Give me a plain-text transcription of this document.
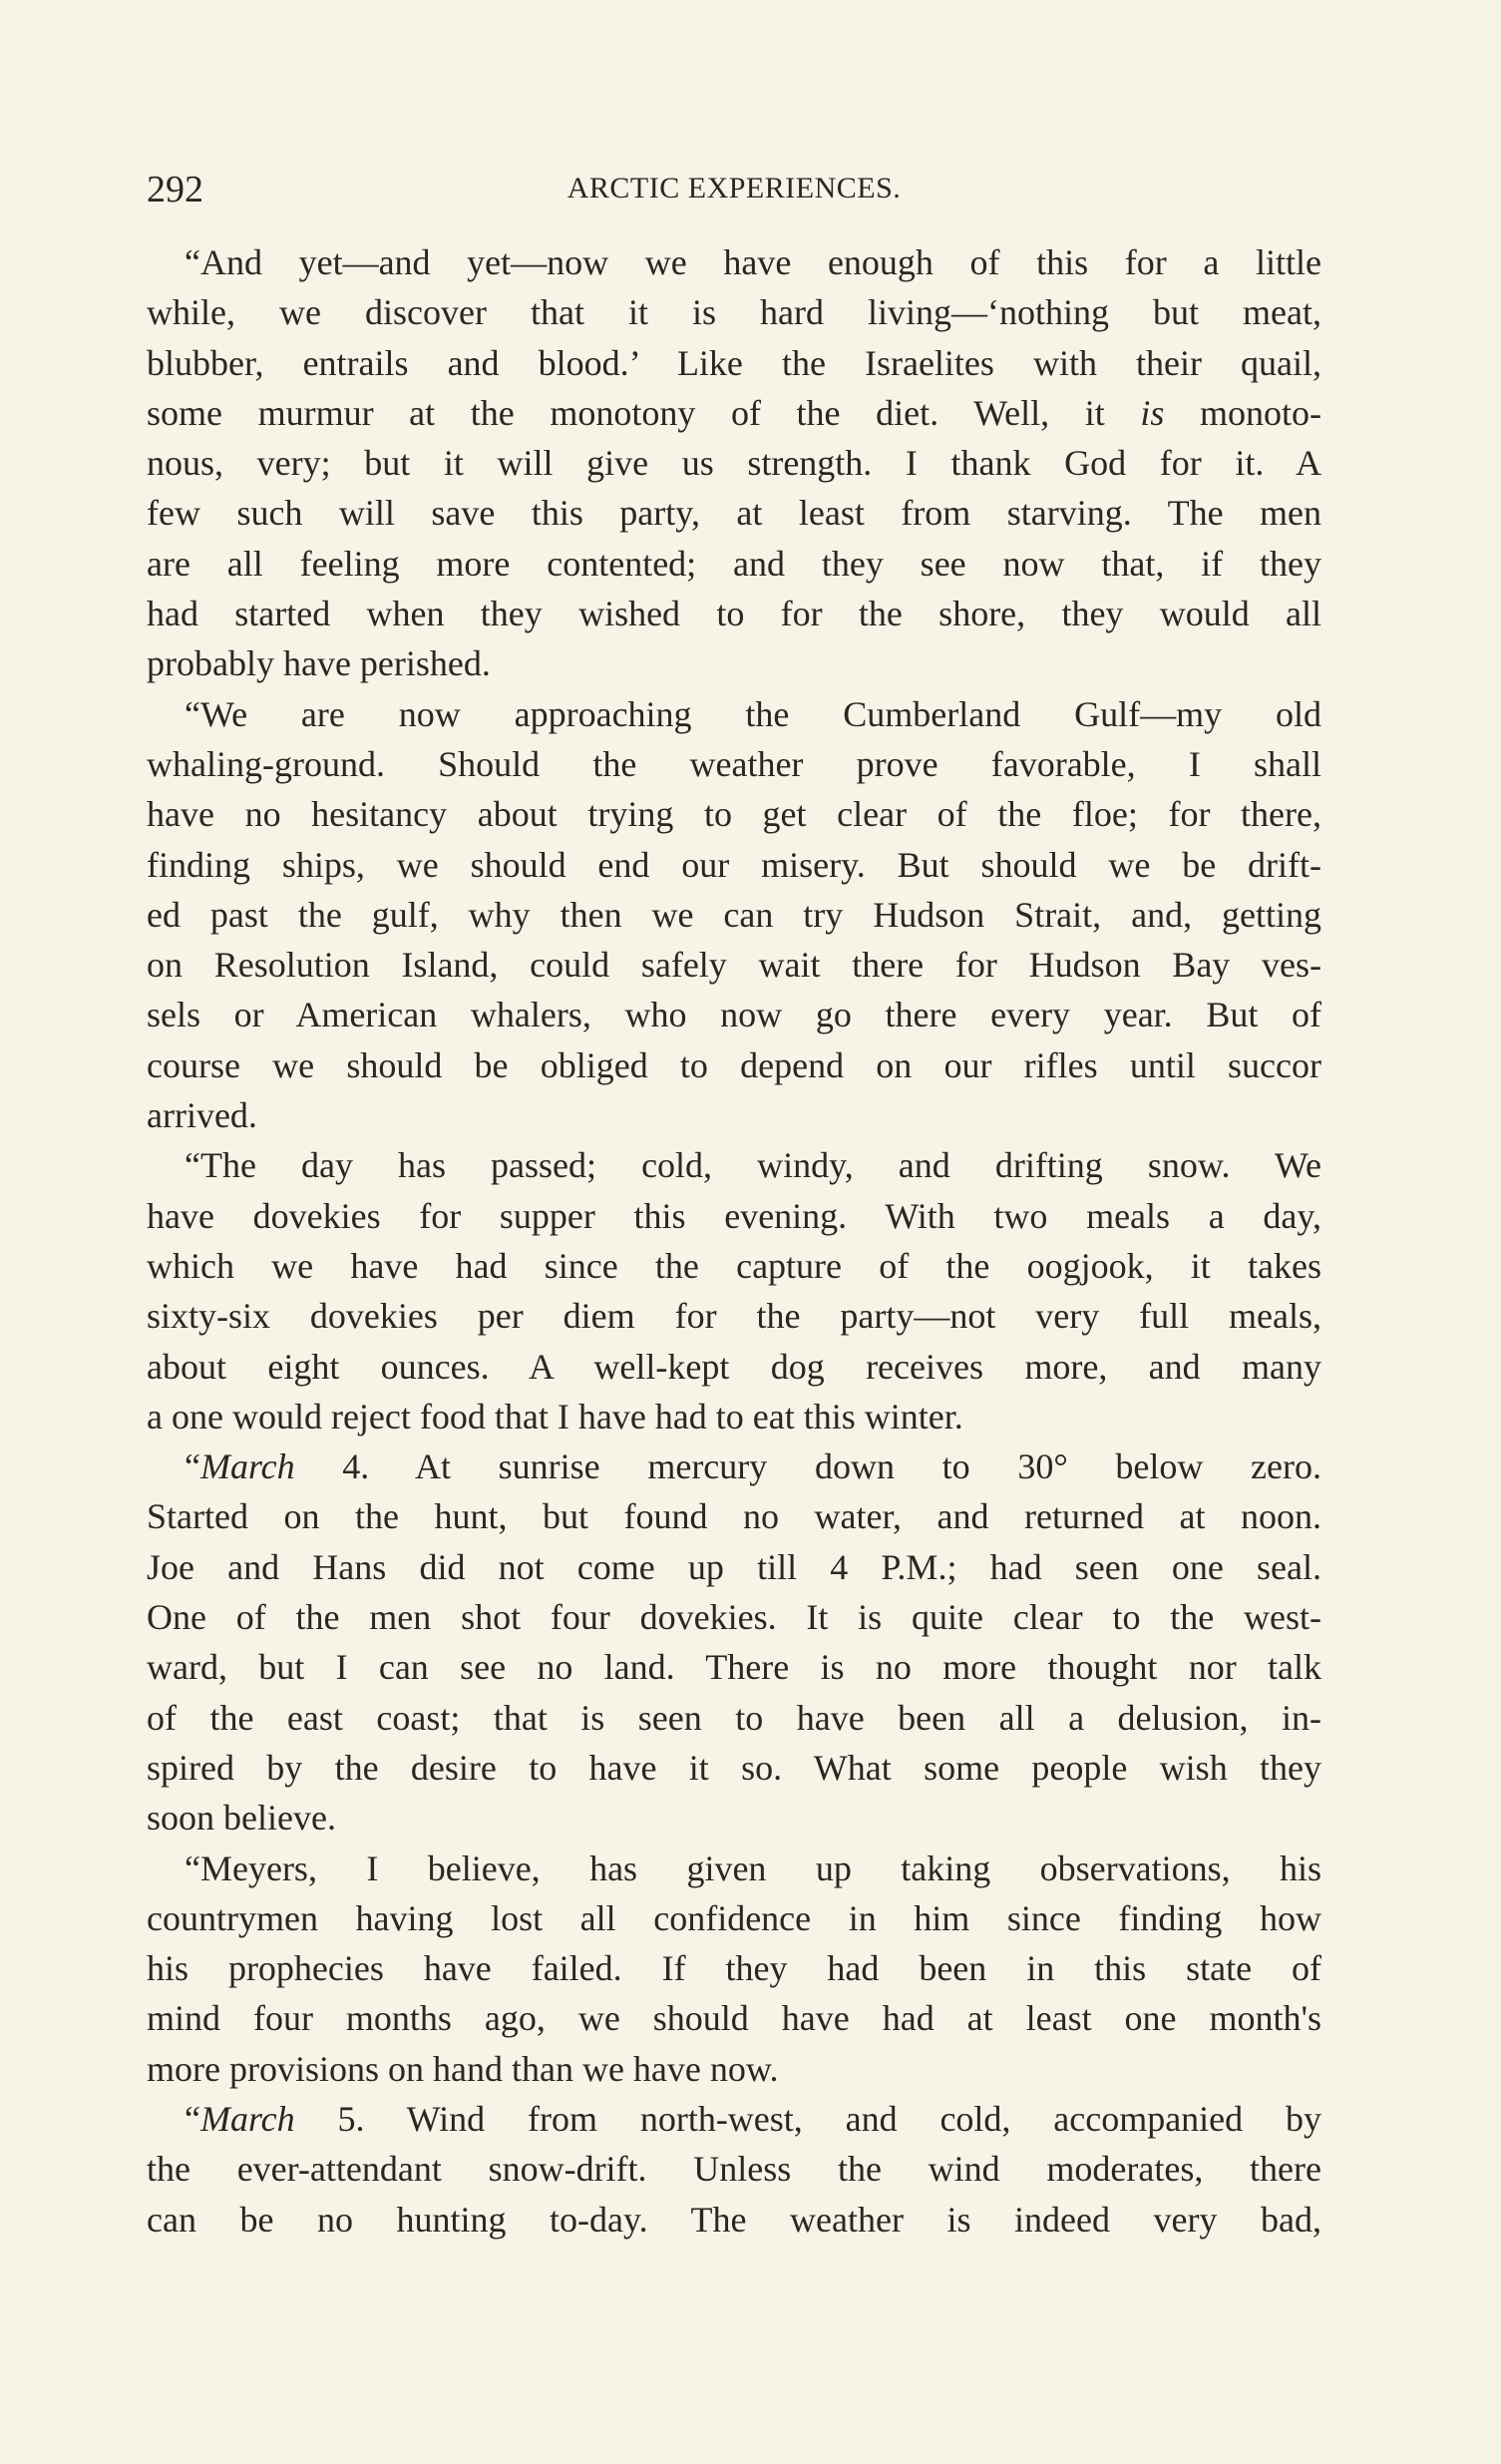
292	ARCTIC EXPERIENCES.
“And yet—and yet—now we have enough of this for a little
while, we discover that it is hard living—‘nothing but meat,
blubber, entrails and blood.’ Like the Israelites with their quail,
some murmur at the monotony of the diet. Well, it is monoto-
nous, very; but it will give us strength. I thank God for it. A
few such will save this party, at least from starving. The men
are all feeling more contented; and they see now that, if they
had started when they wished to for the shore, they would all
probably have perished.
“We are now approaching the Cumberland Gulf—my old
whaling-ground. Should the weather prove favorable, I shall
have no hesitancy about trying to get clear of the floe; for there,
finding ships, we should end our misery. But should we be drift-
ed past the gulf, why then we can try Hudson Strait, and, getting
on Resolution Island, could safely wait there for Hudson Bay ves-
sels or American whalers, who now go there every year. But of
course we should be obliged to depend on our rifles until succor
arrived.
“The day has passed; cold, windy, and drifting snow. We
have dovekies for supper this evening. With two meals a day,
which we have had since the capture of the oogjook, it takes
sixty-six dovekies per diem for the party—not very full meals,
about eight ounces. A well-kept dog receives more, and many
a one would reject food that I have had to eat this winter.
“March 4. At sunrise mercury down to 30° below zero.
Started on the hunt, but found no water, and returned at noon.
Joe and Hans did not come up till 4 P.M.; had seen one seal.
One of the men shot four dovekies. It is quite clear to the west-
ward, but I can see no land. There is no more thought nor talk
of the east coast; that is seen to have been all a delusion, in-
spired by the desire to have it so. What some people wish they
soon believe.
“Meyers, I believe, has given up taking observations, his
countrymen having lost all confidence in him since finding how
his prophecies have failed. If they had been in this state of
mind four months ago, we should have had at least one month's
more provisions on hand than we have now.
“March 5. Wind from north-west, and cold, accompanied by
the ever-attendant snow-drift. Unless the wind moderates, there
can be no hunting to-day. The weather is indeed very bad,
